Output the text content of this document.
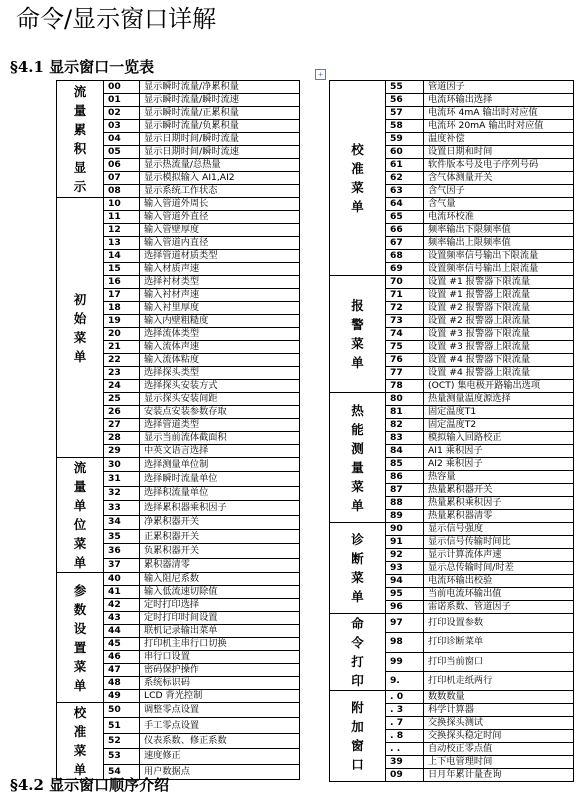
命令/显示窗口详解
§4.1 显示窗口一览表	+
流量累积显示	00	显示瞬时流量/净累积量
	01	显示瞬时流量/瞬时流速
	02	显示瞬时流量/正累积量
	03	显示瞬时流量/负累积量
	04	显示日期时间/瞬时流量
	05	显示日期时间/瞬时流速
	06	显示热流量/总热量
	07	显示模拟输入 AI1,AI2
	08	显示系统工作状态
初始菜单	10	输入管道外周长
	11	输入管道外直径
	12	输入管壁厚度
	13	输入管道内直径
	14	选择管道材质类型
	15	输入材质声速
	16	选择衬材类型
	17	输入衬材声速
	18	输入衬里厚度
	19	输入内壁粗糙度
	20	选择流体类型
	21	输入流体声速
	22	输入流体粘度
	23	选择探头类型
	24	选择探头安装方式
	25	显示探头安装间距
	26	安装点安装参数存取
	27	选择管道类型
	28	显示当前流体截面积
	29	中英文语言选择
流量单位菜单	30	选择测量单位制
	31	选择瞬时流量单位
	32	选择积流量单位
	33	选择累积器乘积因子
	34	净累积器开关
	35	正累积器开关
	36	负累积器开关
	37	累积器清零
参数设置菜单	40	输入阻尼系数
	41	输入低流速切除值
	42	定时打印选择
	43	定时打印时间设置
	44	联机记录输出菜单
	45	打印机主串行口切换
	46	串行口设置
	47	密码保护操作
	48	系统标识码
	49	LCD 背光控制
校准菜单	50	调整零点设置
	51	手工零点设置
	52	仪表系数、修正系数
	53	速度修正
	54	用户数据点
校准菜单	55	管道因子
	56	电流环输出选择
	57	电流环 4mA 输出时对应值
	58	电流环 20mA 输出时对应值
	59	温度补偿
	60	设置日期和时间
	61	软件版本号及电子序列号码
	62	含气体测量开关
	63	含气因子
	64	含气量
	65	电流环校准
	66	频率输出下限频率值
	67	频率输出上限频率值
	68	设置频率信号输出下限流量
	69	设置频率信号输出上限流量
报警菜单	70	设置 #1 报警器下限流量
	71	设置 #1 报警器上限流量
	72	设置 #2 报警器下限流量
	73	设置 #2 报警器上限流量
	74	设置 #3 报警器下限流量
	75	设置 #3 报警器上限流量
	76	设置 #4 报警器下限流量
	77	设置 #4 报警器上限流量
	78	(OCT) 集电极开路输出选项
热能测量菜单	80	热量测量温度源选择
	81	固定温度T1
	82	固定温度T2
	83	模拟输入回路校正
	84	AI1 乘积因子
	85	AI2 乘积因子
	86	热容量
	87	热量累积器开关
	88	热量累积乘积因子
	89	热量累积器清零
诊断菜单	90	显示信号强度
	91	显示信号传输时间比
	92	显示计算流体声速
	93	显示总传输时间/时差
	94	电流环输出校验
	95	当前电流环输出值
	96	雷诺系数、管道因子
命令打印	97	打印设置参数
	98	打印诊断菜单
	99	打印当前窗口
	9.	打印机走纸两行
附加窗口	. 0	数数数量
	. 3	科学计算器
	. 7	交换探头测试
	. 8	交换探头稳定时间
	. .	自动校正零点值
	39	上下电管理时间
	09	日月年累计量查询
§4.2 显示窗口顺序介绍
